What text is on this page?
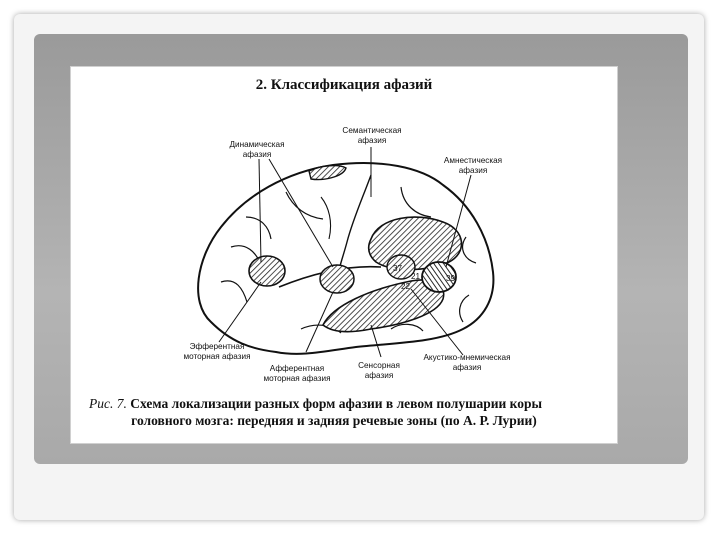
2. Классификация афазий
37
21
22
39
Динамическая
афазия
Семантическая
афазия
Амнестическая
афазия
Эфферентная
моторная афазия
Афферентная
моторная афазия
Сенсорная
афазия
Акустико-мнемическая
афазия
Рис. 7. Схема локализации разных форм афазии в левом полушарии коры
головного мозга: передняя и задняя речевые зоны (по А. Р. Лурии)
